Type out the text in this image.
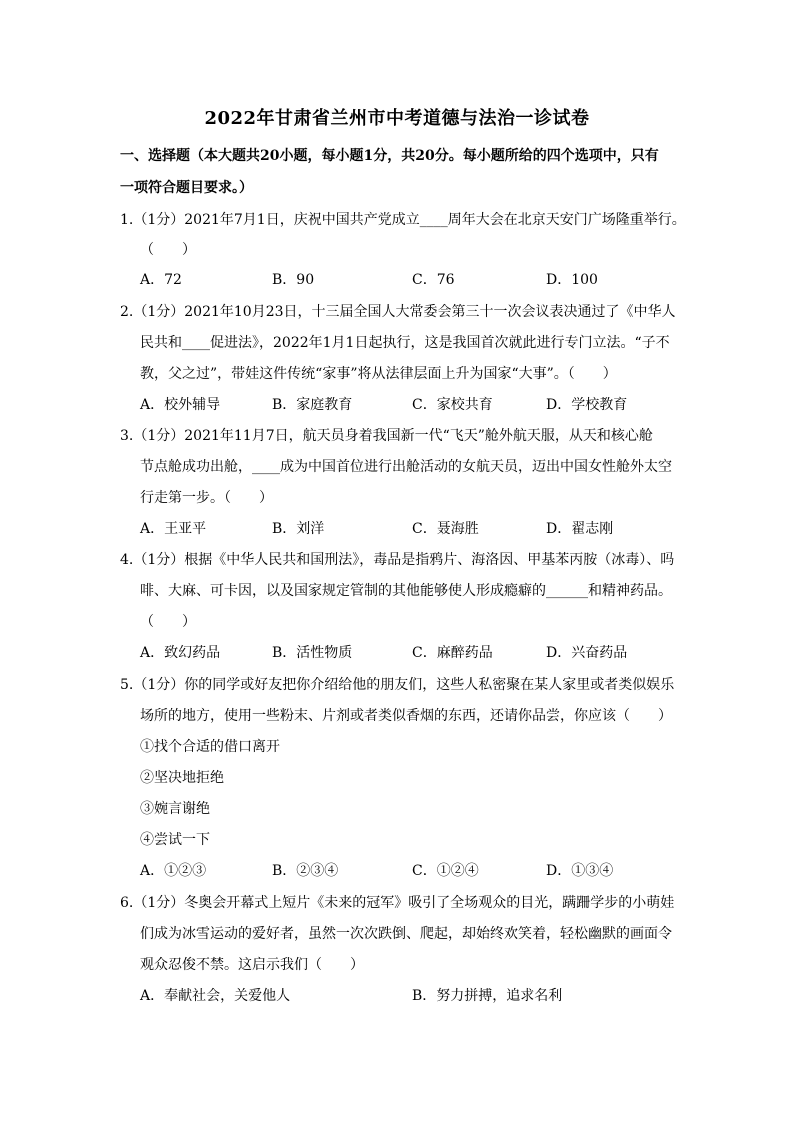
2022年甘肃省兰州市中考道德与法治一诊试卷
一、选择题（本大题共20小题，每小题1分，共20分。每小题所给的四个选项中，只有
一项符合题目要求。）
1.（1分）2021年7月1日，庆祝中国共产党成立____周年大会在北京天安门广场隆重举行。
（　　）
A．72	B．90	C．76	D．100
2.（1分）2021年10月23日，十三届全国人大常委会第三十一次会议表决通过了《中华人
民共和____促进法》，2022年1月1日起执行，这是我国首次就此进行专门立法。“子不
教，父之过”，带娃这件传统“家事”将从法律层面上升为国家“大事”。（　　）
A．校外辅导	B．家庭教育	C．家校共育	D．学校教育
3.（1分）2021年11月7日，航天员身着我国新一代“飞天”舱外航天服，从天和核心舱
节点舱成功出舱，____成为中国首位进行出舱活动的女航天员，迈出中国女性舱外太空
行走第一步。（　　）
A．王亚平	B．刘洋	C．聂海胜	D．翟志刚
4.（1分）根据《中华人民共和国刑法》，毒品是指鸦片、海洛因、甲基苯丙胺（冰毒）、吗
啡、大麻、可卡因，以及国家规定管制的其他能够使人形成瘾癖的______和精神药品。
（　　）
A．致幻药品	B．活性物质	C．麻醉药品	D．兴奋药品
5.（1分）你的同学或好友把你介绍给他的朋友们，这些人私密聚在某人家里或者类似娱乐
场所的地方，使用一些粉末、片剂或者类似香烟的东西，还请你品尝，你应该（　　）
①找个合适的借口离开
②坚决地拒绝
③婉言谢绝
④尝试一下
A．①②③	B．②③④	C．①②④	D．①③④
6.（1分）冬奥会开幕式上短片《未来的冠军》吸引了全场观众的目光，蹒跚学步的小萌娃
们成为冰雪运动的爱好者，虽然一次次跌倒、爬起，却始终欢笑着，轻松幽默的画面令
观众忍俊不禁。这启示我们（　　）
A．奉献社会，关爱他人	B．努力拼搏，追求名利
